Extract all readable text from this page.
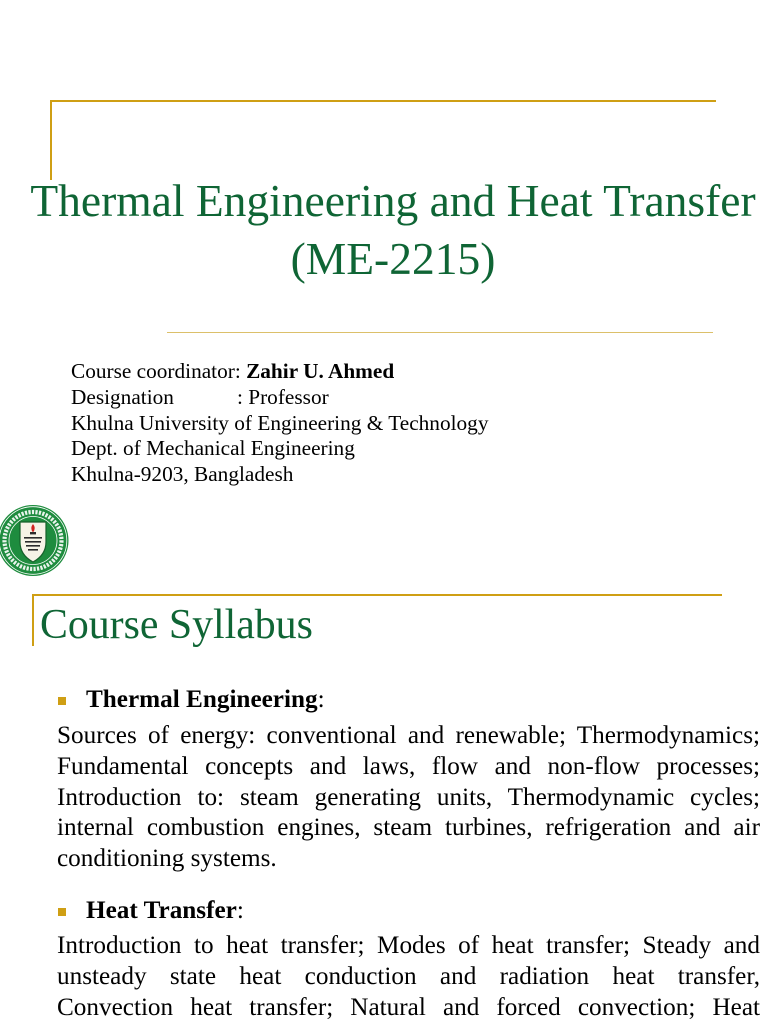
Thermal Engineering and Heat Transfer
(ME-2215)
Course coordinator: Zahir U. Ahmed
Designation	: Professor
Khulna University of Engineering & Technology
Dept. of Mechanical Engineering
Khulna-9203, Bangladesh
Course Syllabus
Thermal Engineering:
Sources of energy: conventional and renewable; Thermodynamics;
Fundamental concepts and laws, flow and non-flow processes;
Introduction to: steam generating units, Thermodynamic cycles;
internal combustion engines, steam turbines, refrigeration and air
conditioning systems.
Heat Transfer:
Introduction to heat transfer; Modes of heat transfer; Steady and
unsteady state heat conduction and radiation heat transfer,
Convection heat transfer; Natural and forced convection; Heat
